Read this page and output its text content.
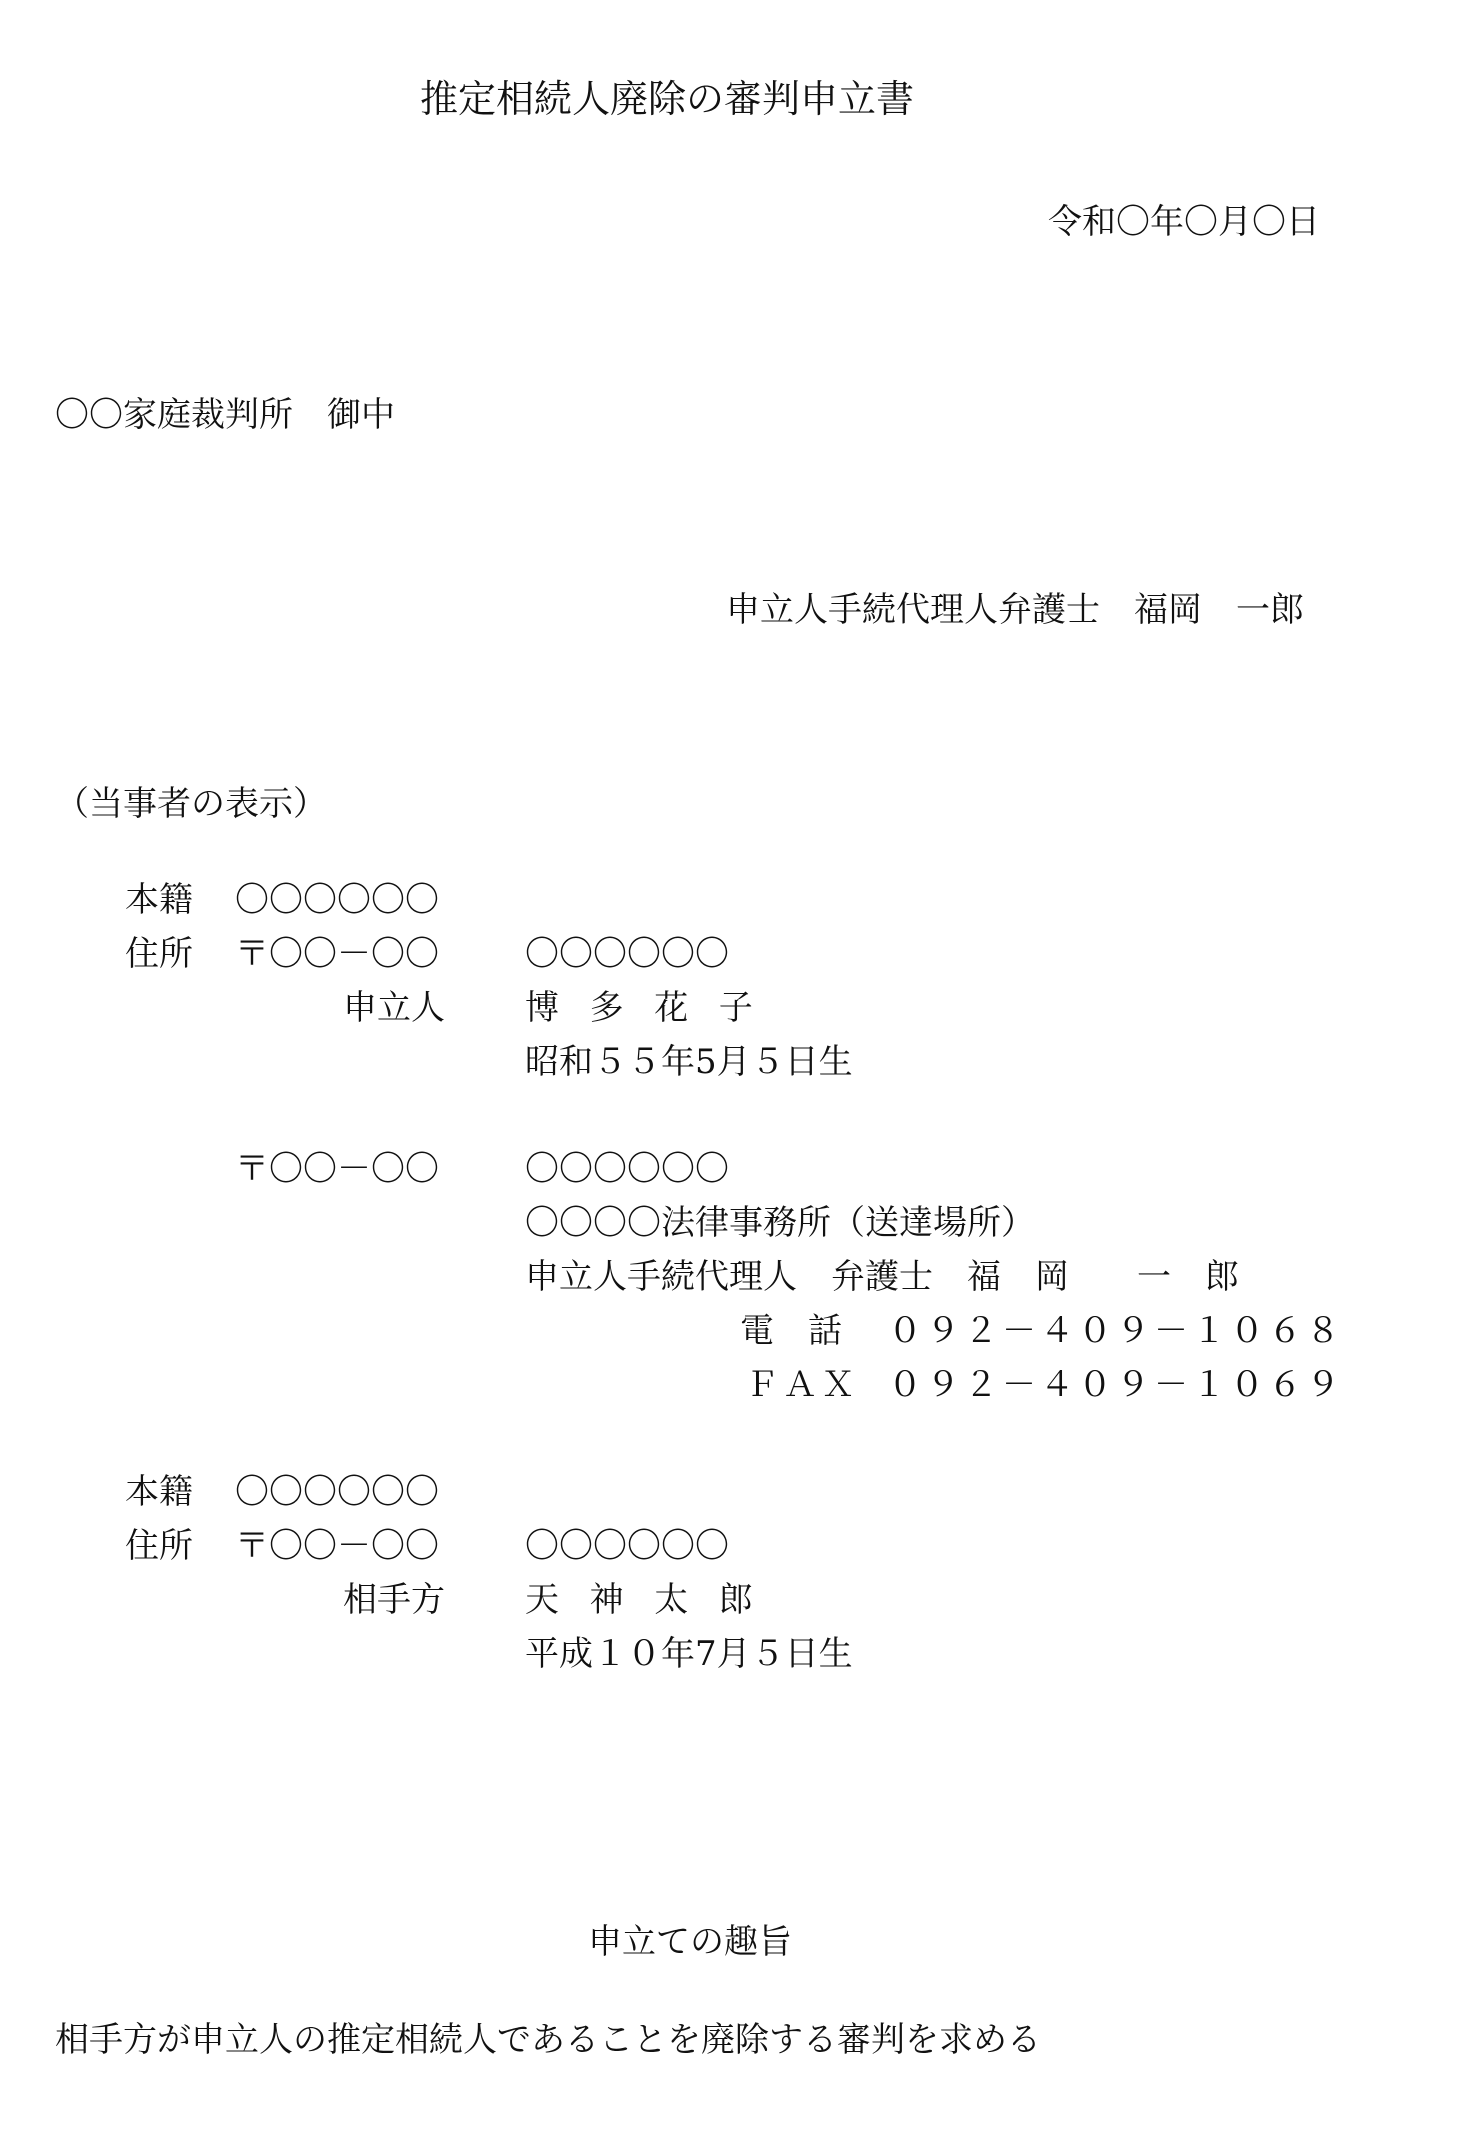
推定相続人廃除の審判申立書
令和〇年〇月〇日
〇〇家庭裁判所　御中
申立人手続代理人弁護士　福岡　一郎
（当事者の表示）
本籍 〇〇〇〇〇〇
住所 〒〇〇－〇〇	〇〇〇〇〇〇
申立人 博多花子
昭和５５年5月５日生
〒〇〇－〇〇	〇〇〇〇〇〇
〇〇〇〇法律事務所（送達場所）
申立人手続代理人　弁護士　福　岡　　一　郎
電　話 ０９２－４０９－１０６８
ＦＡＸ ０９２－４０９－１０６９
本籍 〇〇〇〇〇〇
住所 〒〇〇－〇〇	〇〇〇〇〇〇
相手方 天神太郎
平成１０年7月５日生
申立ての趣旨
相手方が申立人の推定相続人であることを廃除する審判を求める
